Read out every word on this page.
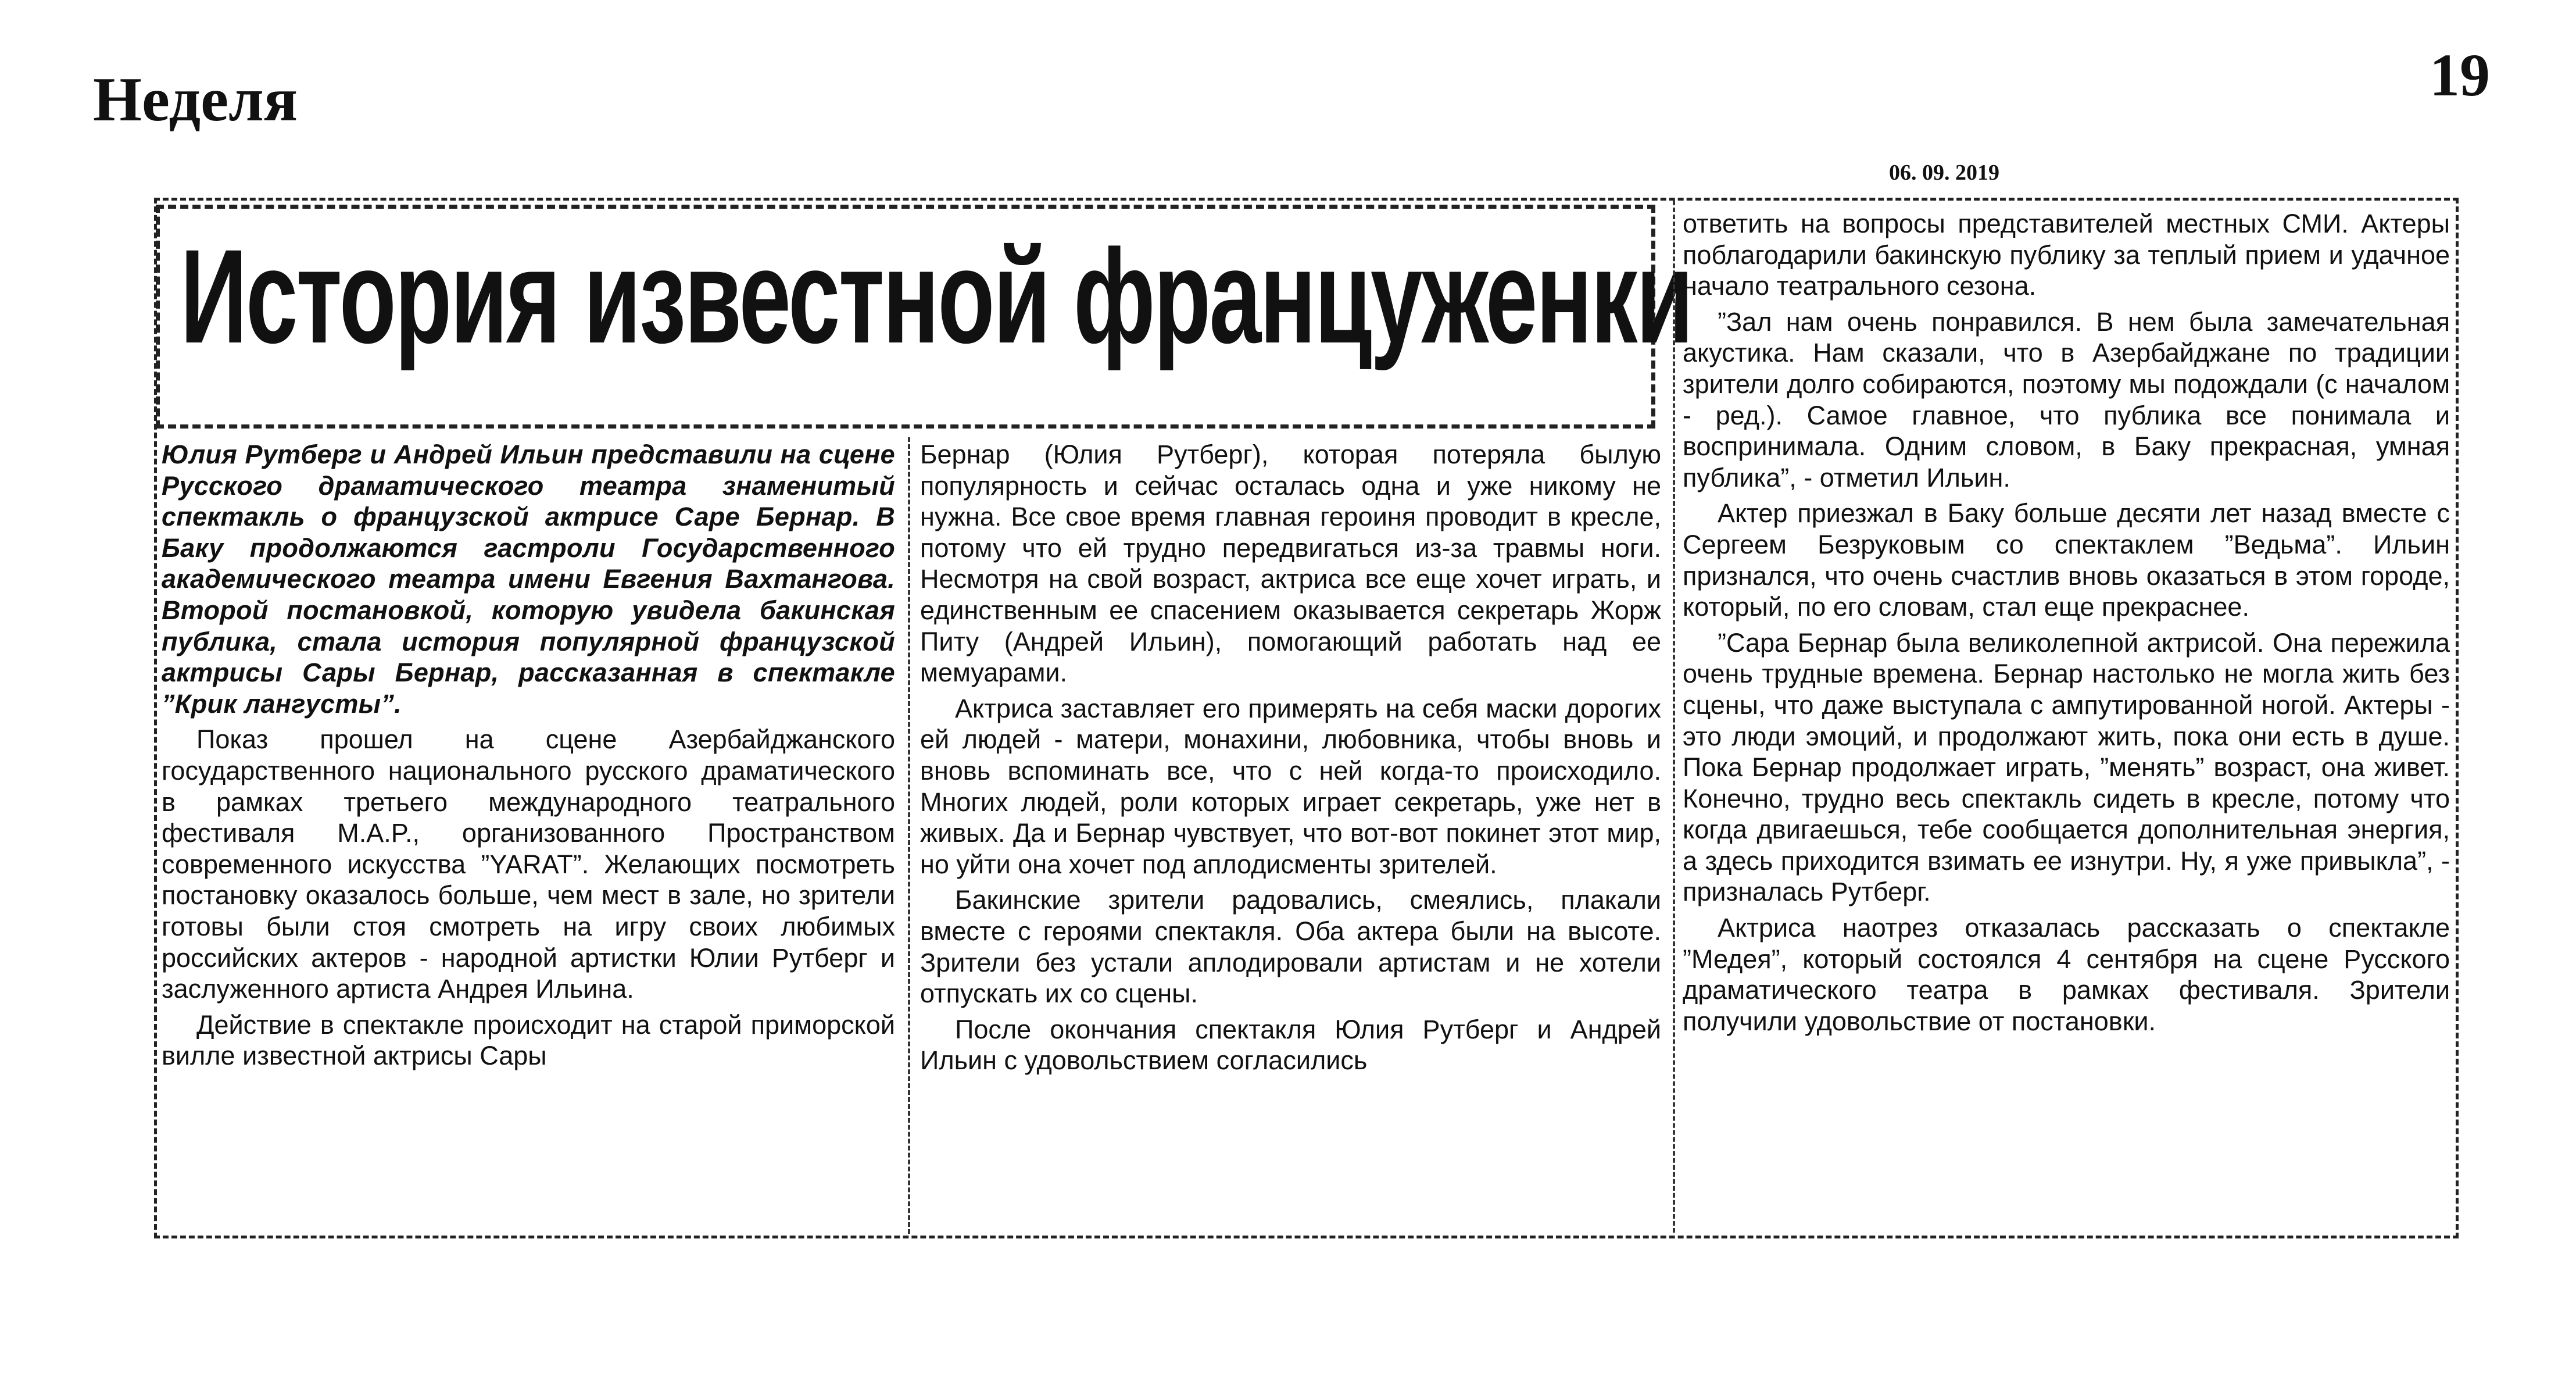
Неделя	19
06. 09. 2019
История известной француженки

Юлия Рутберг и Андрей Ильин представили на сцене Русского драматического театра знаменитый спектакль о французской актрисе Саре Бернар. В Баку продолжаются гастроли Государственного академического театра имени Евгения Вахтангова. Второй постановкой, которую увидела бакинская публика, стала история популярной французской актрисы Сары Бернар, рассказанная в спектакле ”Крик лангусты”.

Показ прошел на сцене Азербайджанского государственного национального русского драматического в рамках третьего международного театрального фестиваля M.A.P., организованного Пространством современного искусства ”YARAT”. Желающих посмотреть постановку оказалось больше, чем мест в зале, но зрители готовы были стоя смотреть на игру своих любимых российских актеров - народной артистки Юлии Рутберг и заслуженного артиста Андрея Ильина.

Действие в спектакле происходит на старой приморской вилле известной актрисы Сары

Бернар (Юлия Рутберг), которая потеряла былую популярность и сейчас осталась одна и уже никому не нужна. Все свое время главная героиня проводит в кресле, потому что ей трудно передвигаться из-за травмы ноги. Несмотря на свой возраст, актриса все еще хочет играть, и единственным ее спасением оказывается секретарь Жорж Питу (Андрей Ильин), помогающий работать над ее мемуарами.

Актриса заставляет его примерять на себя маски дорогих ей людей - матери, монахини, любовника, чтобы вновь и вновь вспоминать все, что с ней когда-то происходило. Многих людей, роли которых играет секретарь, уже нет в живых. Да и Бернар чувствует, что вот-вот покинет этот мир, но уйти она хочет под аплодисменты зрителей.

Бакинские зрители радовались, смеялись, плакали вместе с героями спектакля. Оба актера были на высоте. Зрители без устали аплодировали артистам и не хотели отпускать их со сцены.

После окончания спектакля Юлия Рутберг и Андрей Ильин с удовольствием согласились

ответить на вопросы представителей местных СМИ. Актеры поблагодарили бакинскую публику за теплый прием и удачное начало театрального сезона.

”Зал нам очень понравился. В нем была замечательная акустика. Нам сказали, что в Азербайджане по традиции зрители долго собираются, поэтому мы подождали (с началом - ред.). Самое главное, что публика все понимала и воспринимала. Одним словом, в Баку прекрасная, умная публика”, - отметил Ильин.

Актер приезжал в Баку больше десяти лет назад вместе с Сергеем Безруковым со спектаклем ”Ведьма”. Ильин признался, что очень счастлив вновь оказаться в этом городе, который, по его словам, стал еще прекраснее.

”Сара Бернар была великолепной актрисой. Она пережила очень трудные времена. Бернар настолько не могла жить без сцены, что даже выступала с ампутированной ногой. Актеры - это люди эмоций, и продолжают жить, пока они есть в душе. Пока Бернар продолжает играть, ”менять” возраст, она живет. Конечно, трудно весь спектакль сидеть в кресле, потому что когда двигаешься, тебе сообщается дополнительная энергия, а здесь приходится взимать ее изнутри. Ну, я уже привыкла”, - призналась Рутберг.

Актриса наотрез отказалась рассказать о спектакле ”Медея”, который состоялся 4 сентября на сцене Русского драматического театра в рамках фестиваля. Зрители получили удовольствие от постановки.
